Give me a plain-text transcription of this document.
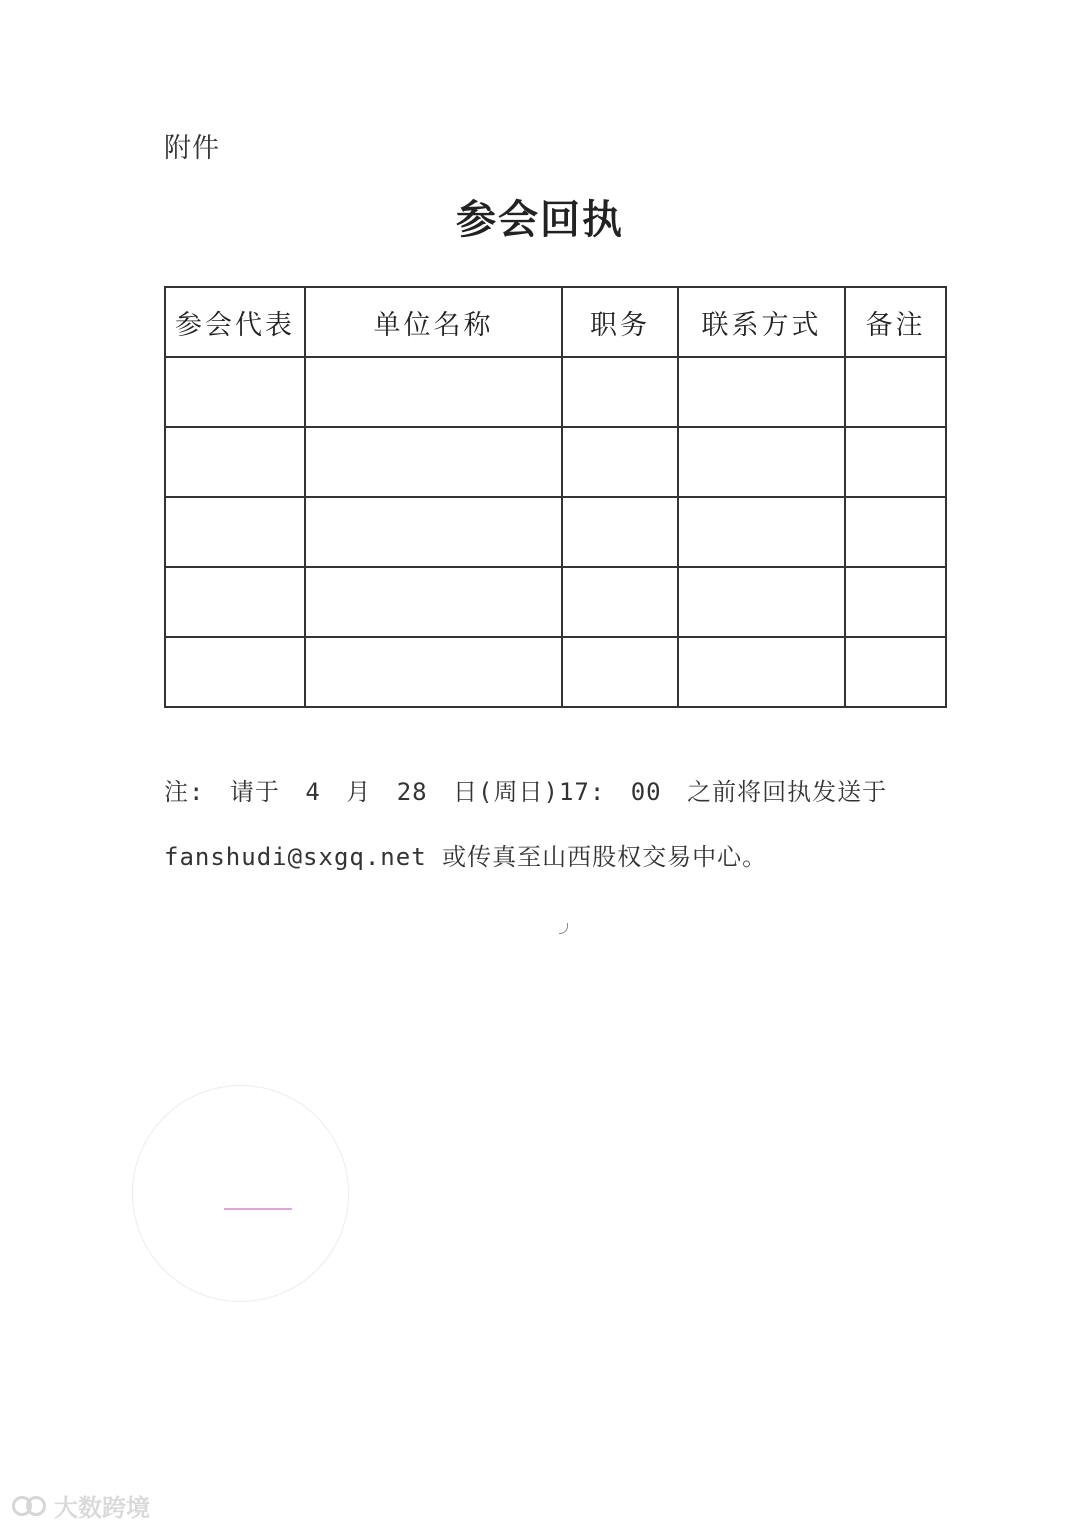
附件
参会回执
参会代表	单位名称	职务	联系方式	备注

注: 请于 4 月 28 日(周日)17: 00 之前将回执发送于
fanshudi@sxgq.net 或传真至山西股权交易中心。
大数跨境
